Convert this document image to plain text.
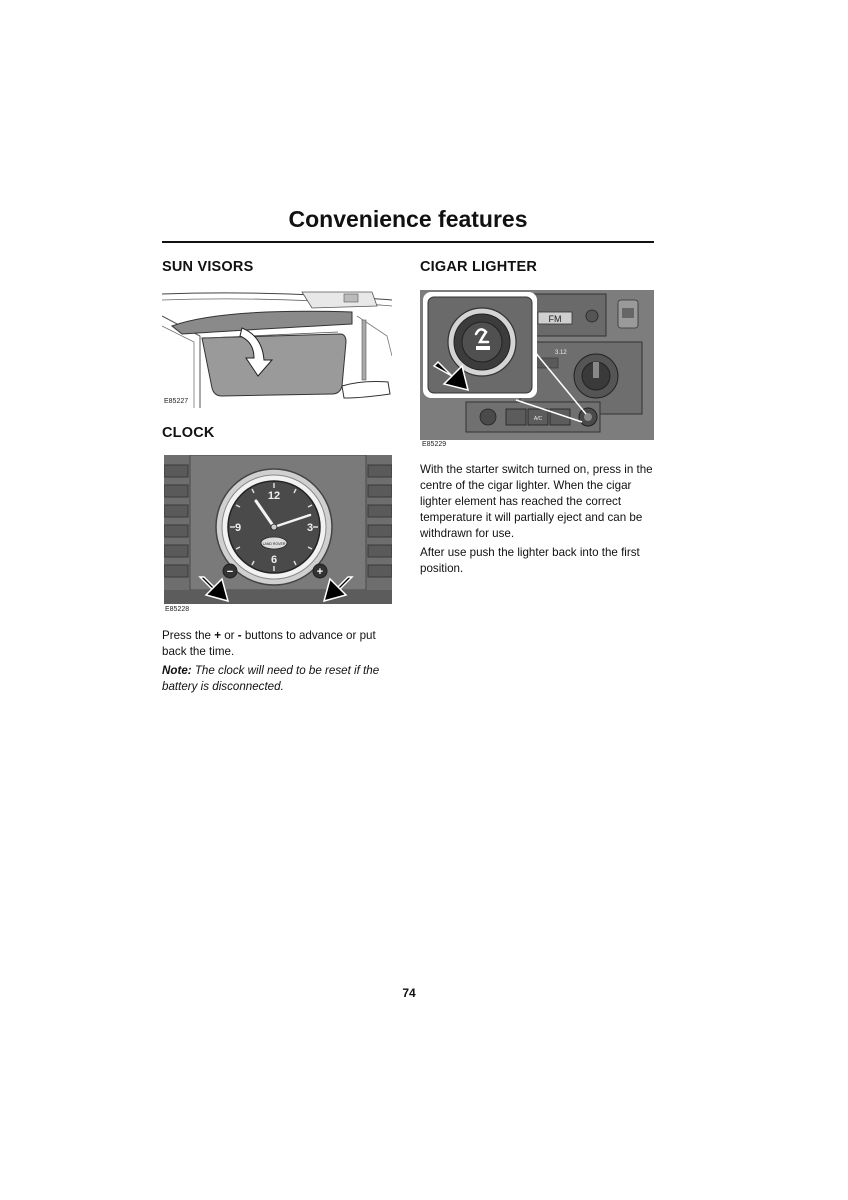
Convenience features
SUN VISORS
E85227
CLOCK
12
3
6
9
LAND ROVER
−	+
E85228
Press the + or - buttons to advance or put back the time.
Note: The clock will need to be reset if the battery is disconnected.
CIGAR LIGHTER
FM
3.12
A/C
E85229
With the starter switch turned on, press in the centre of the cigar lighter. When the cigar lighter element has reached the correct temperature it will partially eject and can be withdrawn for use.
After use push the lighter back into the first position.
74
